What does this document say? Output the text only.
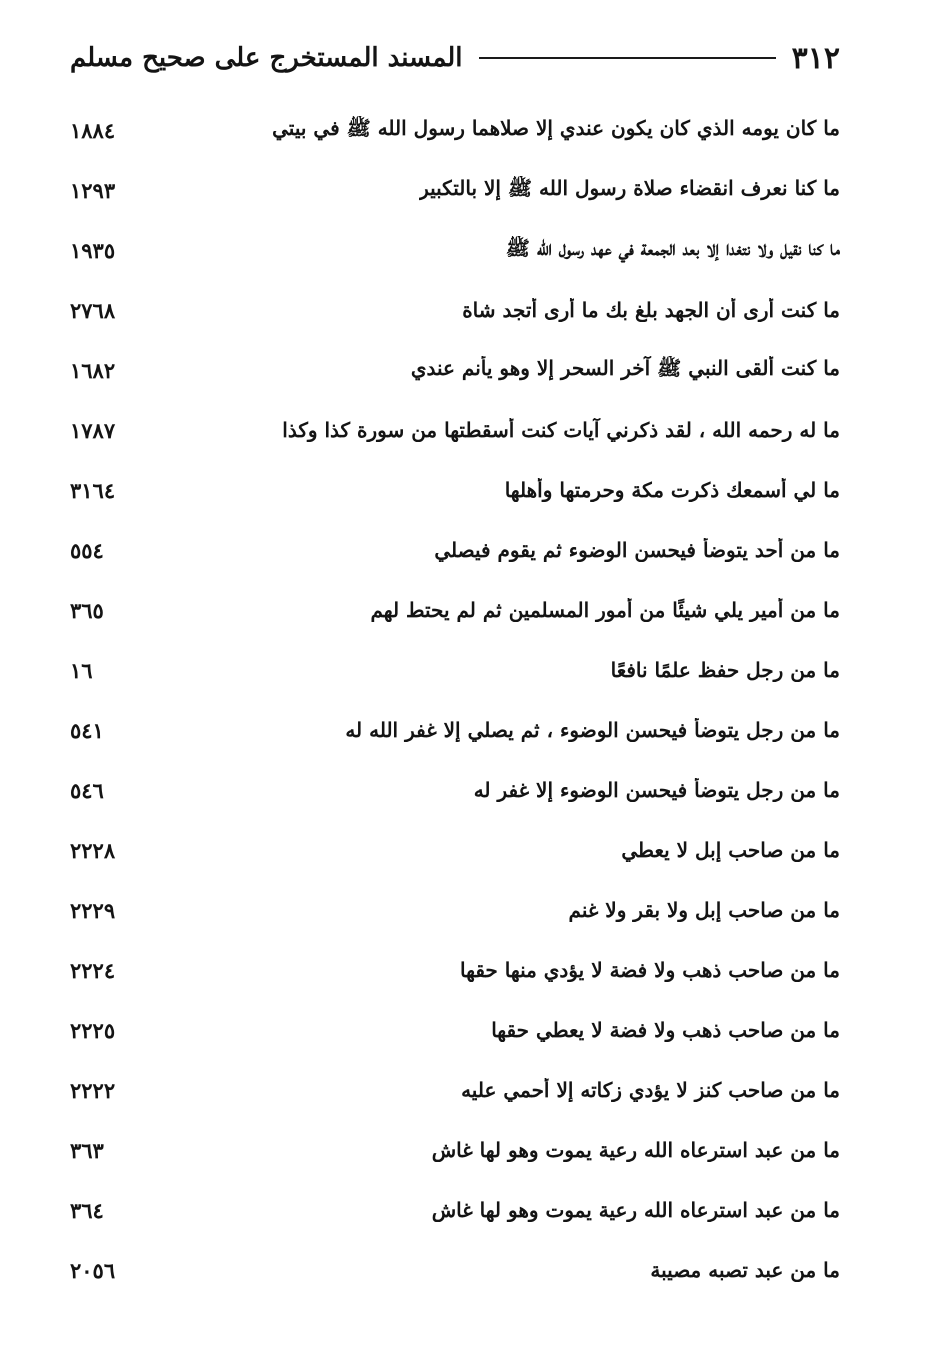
٣١٢
المسند المستخرج على صحيح مسلم
ما كان يومه الذي كان يكون عندي إلا صلاهما رسول الله ﷺ في بيتي
١٨٨٤
ما كنا نعرف انقضاء صلاة رسول الله ﷺ إلا بالتكبير
١٢٩٣
ما كنا نقيل ولا نتغدا إلا بعد الجمعة في عهد رسول الله ﷺ
١٩٣٥
ما كنت أرى أن الجهد بلغ بك ما أرى أتجد شاة
٢٧٦٨
ما كنت ألقى النبي ﷺ آخر السحر إلا وهو يأنم عندي
١٦٨٢
ما له رحمه الله ، لقد ذكرني آيات كنت أسقطتها من سورة كذا وكذا
١٧٨٧
ما لي أسمعك ذكرت مكة وحرمتها وأهلها
٣١٦٤
ما من أحد يتوضأ فيحسن الوضوء ثم يقوم فيصلي
٥٥٤
ما من أمير يلي شيئًا من أمور المسلمين ثم لم يحتط لهم
٣٦٥
ما من رجل حفظ علمًا نافعًا
١٦
ما من رجل يتوضأ فيحسن الوضوء ، ثم يصلي إلا غفر الله له
٥٤١
ما من رجل يتوضأ فيحسن الوضوء إلا غفر له
٥٤٦
ما من صاحب إبل لا يعطي
٢٢٢٨
ما من صاحب إبل ولا بقر ولا غنم
٢٢٢٩
ما من صاحب ذهب ولا فضة لا يؤدي منها حقها
٢٢٢٤
ما من صاحب ذهب ولا فضة لا يعطي حقها
٢٢٢٥
ما من صاحب كنز لا يؤدي زكاته إلا أحمي عليه
٢٢٢٢
ما من عبد استرعاه الله رعية يموت وهو لها غاش
٣٦٣
ما من عبد استرعاه الله رعية يموت وهو لها غاش
٣٦٤
ما من عبد تصبه مصيبة
٢٠٥٦
